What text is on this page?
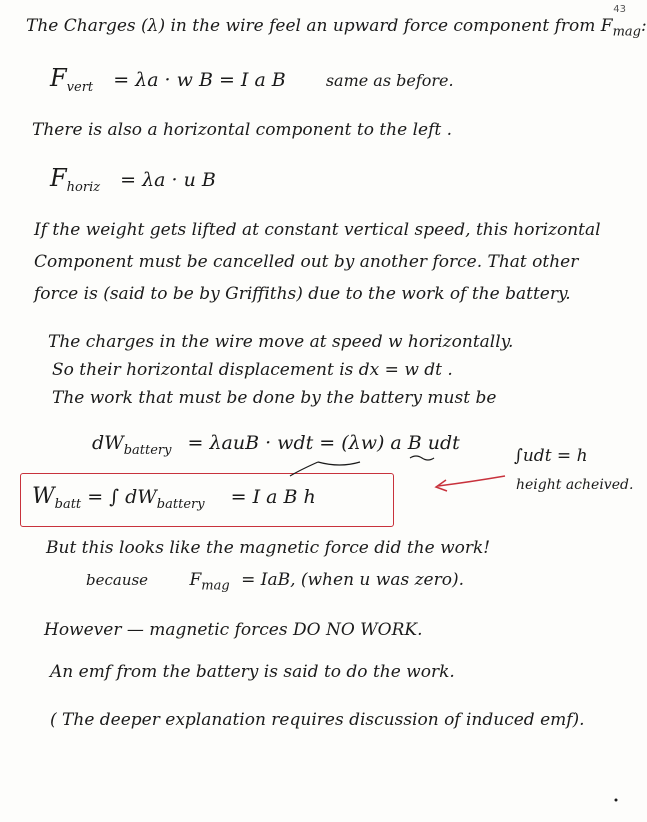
43
The Charges (λ) in the wire feel an upward force component from $F_{mag}$:
$F_{vert} = \lambda a \cdot w$ B = I a B	same as before.
There is also a horizontal component to the left .
$F_{horiz} = \lambda a \cdot u$ B
If the weight gets lifted at constant vertical speed, this horizontal
Component must be cancelled out by another force. That other
force is (said to be by Griffiths) due to the work of the battery.
The charges in the wire move at speed w horizontally.
So their horizontal displacement is dx = w dt .
The work that must be done by the battery must be
$dW_{battery} = \lambda auB$ · wdt = (λw) a B udt
$W_{batt}$ = ∫ $dW_{battery} = I$ a B h
∫udt = h
height acheived.
But this looks like the magnetic force did the work!
because $F_{mag}$ = IaB, (when u was zero).
However — magnetic forces DO NO WORK.
An emf from the battery is said to do the work.
( The deeper explanation requires discussion of induced emf).
